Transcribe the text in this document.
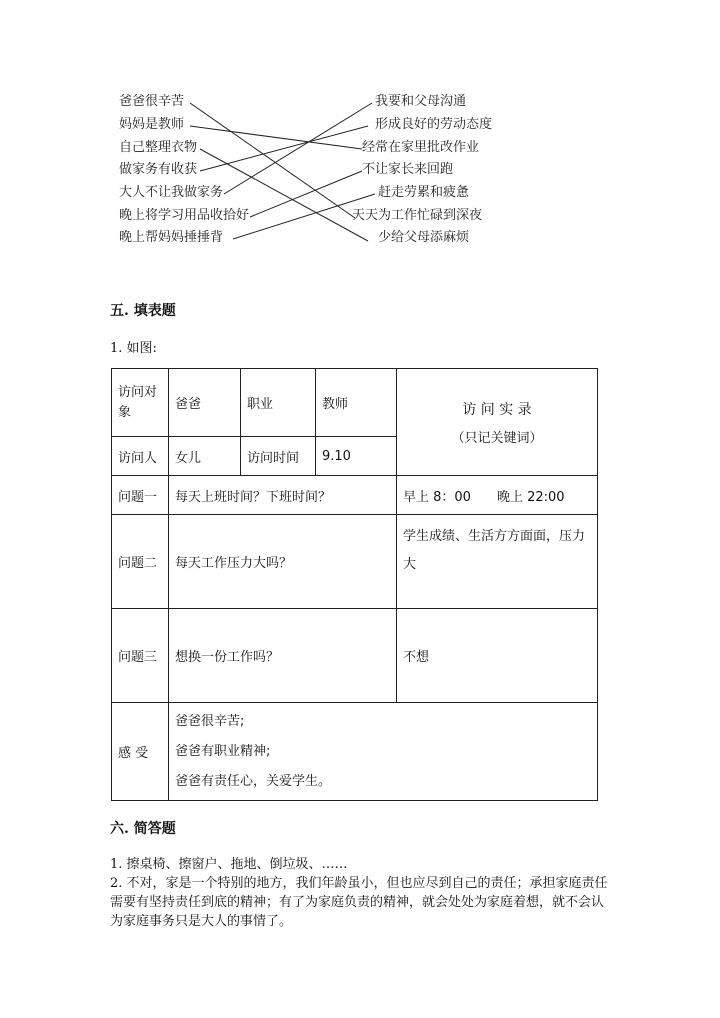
爸爸很辛苦
妈妈是教师
自己整理衣物
做家务有收获
大人不让我做家务
晚上将学习用品收拾好
晚上帮妈妈捶捶背
我要和父母沟通
形成良好的劳动态度
经常在家里批改作业
不让家长来回跑
赶走劳累和疲惫
天天为工作忙碌到深夜
少给父母添麻烦
五. 填表题
1. 如图:
访问对象	爸爸	职业	教师	访 问 实 录
（只记关键词）

访问人	女儿	访问时间	9.10	
问题一	每天上班时间？下班时间？			早上 8：00　　晚上 22:00
问题二	每天工作压力大吗？			学生成绩、生活方方面面，压力大
问题三	想换一份工作吗？			不想
感 受	爸爸很辛苦;
爸爸有职业精神;
爸爸有责任心，关爱学生。			
六. 简答题

1. 擦桌椅、擦窗户、拖地、倒垃圾、……

2. 不对，家是一个特别的地方，我们年龄虽小，但也应尽到自己的责任；承担家庭责任需要有坚持责任到底的精神；有了为家庭负责的精神，就会处处为家庭着想，就不会认为家庭事务只是大人的事情了。
